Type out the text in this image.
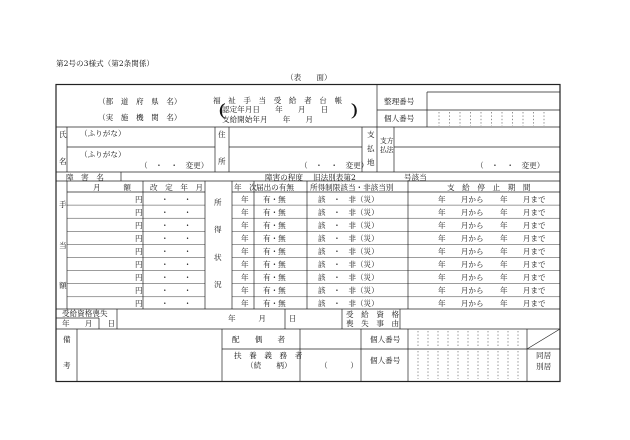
第2号の3様式（第2条関係）
（表　　面）
（都　道　府　県　名）
（実　施　機　関　名）
福　祉　手　当　受　給　者　台　帳
認定年月日　　年　　月　　日
支給開始年月　　年　　月
(	)	整理番号
個人番号
氏
名
（ふりがな）
（ふりがな）
（　・　・　変更）
住
所	（　・　・　変更）
支
払
地
支方
払法
（　・　・　変更）
障　害　名	障害の程度 旧法別表第2	号該当
月　　　額	改　定　年　月	年　次 届出の有無 所得制限該当・非該当別	支　給　停　止　期　間
手
当
額
所
得
状
況
円 ・　　・	年 有・無	該　・　非（災）	年　　月から 年　　月まで
円 ・　　・	年 有・無	該　・　非（災）	年　　月から 年　　月まで
円 ・　　・	年 有・無	該　・　非（災）	年　　月から 年　　月まで
円 ・　　・	年 有・無	該　・　非（災）	年　　月から 年　　月まで
円 ・　　・	年 有・無	該　・　非（災）	年　　月から 年　　月まで
円 ・　　・	年 有・無	該　・　非（災）	年　　月から 年　　月まで
円 ・　　・	年 有・無	該　・　非（災）	年　　月から 年　　月まで
円 ・　　・	年 有・無	該　・　非（災）	年　　月から 年　　月まで
円 ・　　・	年 有・無	該　・　非（災）	年　　月から 年　　月まで
受給資格喪失
年　　月　　日
年　　　月　　　日	受　給　資　格
喪　失　事　由
備
考
配　　偶　　者
扶　養　義　務　者
（続　　柄）	（　　　）
個人番号
個人番号
同居
別居
